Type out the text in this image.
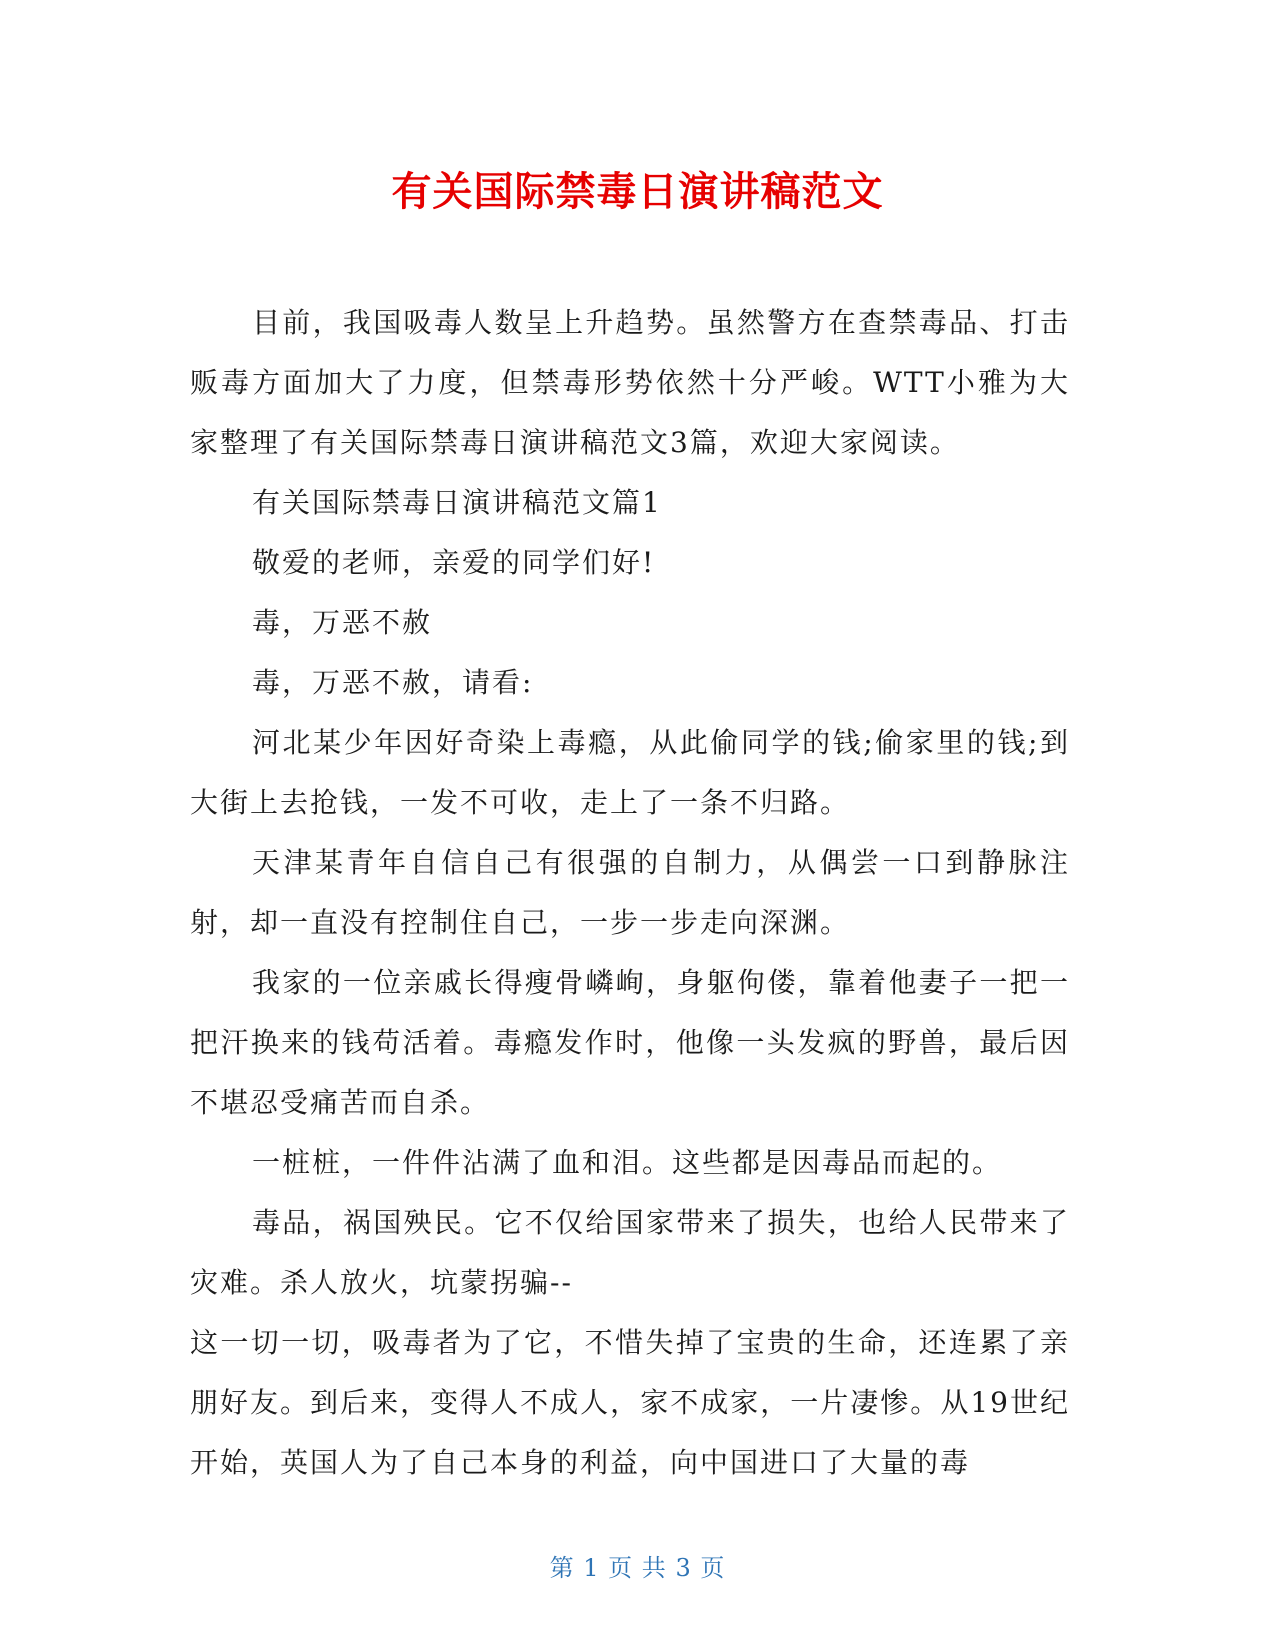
有关国际禁毒日演讲稿范文

目前，我国吸毒人数呈上升趋势。虽然警方在查禁毒品、打击贩毒方面加大了力度，但禁毒形势依然十分严峻。WTT小雅为大家整理了有关国际禁毒日演讲稿范文3篇，欢迎大家阅读。

有关国际禁毒日演讲稿范文篇1

敬爱的老师，亲爱的同学们好!

毒，万恶不赦

毒，万恶不赦，请看:

河北某少年因好奇染上毒瘾，从此偷同学的钱;偷家里的钱;到大街上去抢钱，一发不可收，走上了一条不归路。

天津某青年自信自己有很强的自制力，从偶尝一口到静脉注射，却一直没有控制住自己，一步一步走向深渊。

我家的一位亲戚长得瘦骨嶙峋，身躯佝偻，靠着他妻子一把一把汗换来的钱苟活着。毒瘾发作时，他像一头发疯的野兽，最后因不堪忍受痛苦而自杀。

一桩桩，一件件沾满了血和泪。这些都是因毒品而起的。

毒品，祸国殃民。它不仅给国家带来了损失，也给人民带来了灾难。杀人放火，坑蒙拐骗--

这一切一切，吸毒者为了它，不惜失掉了宝贵的生命，还连累了亲朋好友。到后来，变得人不成人，家不成家，一片凄惨。从19世纪开始，英国人为了自己本身的利益，向中国进口了大量的毒

第 1 页 共 3 页
